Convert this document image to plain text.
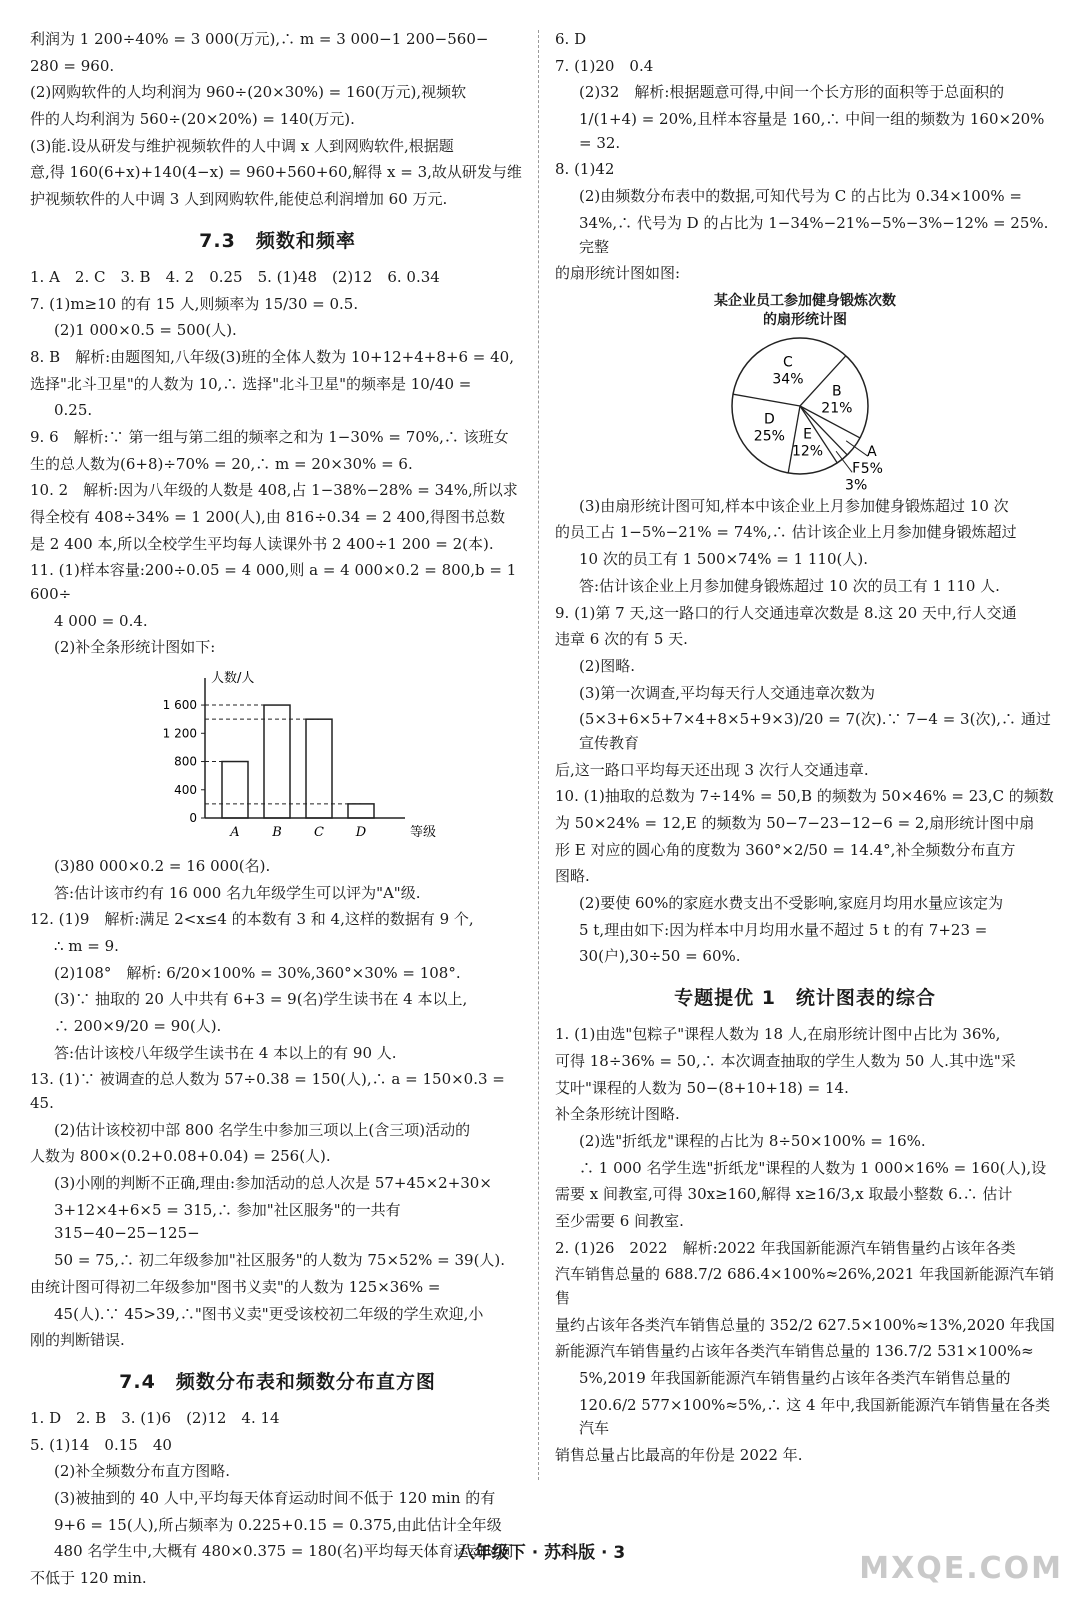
利润为 1 200÷40% = 3 000(万元),∴ m = 3 000−1 200−560−
280 = 960.
(2)网购软件的人均利润为 960÷(20×30%) = 160(万元),视频软
件的人均利润为 560÷(20×20%) = 140(万元).
(3)能.设从研发与维护视频软件的人中调 x 人到网购软件,根据题
意,得 160(6+x)+140(4−x) = 960+560+60,解得 x = 3,故从研发与维
护视频软件的人中调 3 人到网购软件,能使总利润增加 60 万元.
7.3　频数和频率
1. A　2. C　3. B　4. 2　0.25　5. (1)48　(2)12　6. 0.34
7. (1)m≥10 的有 15 人,则频率为 15/30 = 0.5.
(2)1 000×0.5 = 500(人).
8. B　解析:由题图知,八年级(3)班的全体人数为 10+12+4+8+6 = 40,
选择"北斗卫星"的人数为 10,∴ 选择"北斗卫星"的频率是 10/40 =
0.25.
9. 6　解析:∵ 第一组与第二组的频率之和为 1−30% = 70%,∴ 该班女
生的总人数为(6+8)÷70% = 20,∴ m = 20×30% = 6.
10. 2　解析:因为八年级的人数是 408,占 1−38%−28% = 34%,所以求
得全校有 408÷34% = 1 200(人),由 816÷0.34 = 2 400,得图书总数
是 2 400 本,所以全校学生平均每人读课外书 2 400÷1 200 = 2(本).
11. (1)样本容量:200÷0.05 = 4 000,则 a = 4 000×0.2 = 800,b = 1 600÷
4 000 = 0.4.
(2)补全条形统计图如下:
人数/人
等级
0
400
800
1 200
1 600
A	B C D
(3)80 000×0.2 = 16 000(名).
答:估计该市约有 16 000 名九年级学生可以评为"A"级.
12. (1)9　解析:满足 2<x≤4 的本数有 3 和 4,这样的数据有 9 个,
∴ m = 9.
(2)108°　解析: 6/20×100% = 30%,360°×30% = 108°.
(3)∵ 抽取的 20 人中共有 6+3 = 9(名)学生读书在 4 本以上,
∴ 200×9/20 = 90(人).
答:估计该校八年级学生读书在 4 本以上的有 90 人.
13. (1)∵ 被调查的总人数为 57÷0.38 = 150(人),∴ a = 150×0.3 = 45.
(2)估计该校初中部 800 名学生中参加三项以上(含三项)活动的
人数为 800×(0.2+0.08+0.04) = 256(人).
(3)小刚的判断不正确,理由:参加活动的总人次是 57+45×2+30×
3+12×4+6×5 = 315,∴ 参加"社区服务"的一共有 315−40−25−125−
50 = 75,∴ 初二年级参加"社区服务"的人数为 75×52% = 39(人).
由统计图可得初二年级参加"图书义卖"的人数为 125×36% =
45(人).∵ 45>39,∴"图书义卖"更受该校初二年级的学生欢迎,小
刚的判断错误.
7.4　频数分布表和频数分布直方图
1. D　2. B　3. (1)6　(2)12　4. 14
5. (1)14　0.15　40
(2)补全频数分布直方图略.
(3)被抽到的 40 人中,平均每天体育运动时间不低于 120 min 的有
9+6 = 15(人),所占频率为 0.225+0.15 = 0.375,由此估计全年级
480 名学生中,大概有 480×0.375 = 180(名)平均每天体育运动时间
不低于 120 min.
6. D
7. (1)20　0.4
(2)32　解析:根据题意可得,中间一个长方形的面积等于总面积的
1/(1+4) = 20%,且样本容量是 160,∴ 中间一组的频数为 160×20% = 32.
8. (1)42
(2)由频数分布表中的数据,可知代号为 C 的占比为 0.34×100% =
34%,∴ 代号为 D 的占比为 1−34%−21%−5%−3%−12% = 25%.完整
的扇形统计图如图:
某企业员工参加健身锻炼次数
的扇形统计图
C
34%
B
21%
A
5%
F
3%
E
12%
D
25%
(3)由扇形统计图可知,样本中该企业上月参加健身锻炼超过 10 次
的员工占 1−5%−21% = 74%,∴ 估计该企业上月参加健身锻炼超过
10 次的员工有 1 500×74% = 1 110(人).
答:估计该企业上月参加健身锻炼超过 10 次的员工有 1 110 人.
9. (1)第 7 天,这一路口的行人交通违章次数是 8.这 20 天中,行人交通
违章 6 次的有 5 天.
(2)图略.
(3)第一次调查,平均每天行人交通违章次数为
(5×3+6×5+7×4+8×5+9×3)/20 = 7(次).∵ 7−4 = 3(次),∴ 通过宣传教育
后,这一路口平均每天还出现 3 次行人交通违章.
10. (1)抽取的总数为 7÷14% = 50,B 的频数为 50×46% = 23,C 的频数
为 50×24% = 12,E 的频数为 50−7−23−12−6 = 2,扇形统计图中扇
形 E 对应的圆心角的度数为 360°×2/50 = 14.4°,补全频数分布直方
图略.
(2)要使 60%的家庭水费支出不受影响,家庭月均用水量应该定为
5 t,理由如下:因为样本中月均用水量不超过 5 t 的有 7+23 =
30(户),30÷50 = 60%.
专题提优 1　统计图表的综合
1. (1)由选"包粽子"课程人数为 18 人,在扇形统计图中占比为 36%,
可得 18÷36% = 50,∴ 本次调查抽取的学生人数为 50 人.其中选"采
艾叶"课程的人数为 50−(8+10+18) = 14.
补全条形统计图略.
(2)选"折纸龙"课程的占比为 8÷50×100% = 16%.
∴ 1 000 名学生选"折纸龙"课程的人数为 1 000×16% = 160(人),设
需要 x 间教室,可得 30x≥160,解得 x≥16/3,x 取最小整数 6.∴ 估计
至少需要 6 间教室.
2. (1)26　2022　解析:2022 年我国新能源汽车销售量约占该年各类
汽车销售总量的 688.7/2 686.4×100%≈26%,2021 年我国新能源汽车销售
量约占该年各类汽车销售总量的 352/2 627.5×100%≈13%,2020 年我国
新能源汽车销售量约占该年各类汽车销售总量的 136.7/2 531×100%≈
5%,2019 年我国新能源汽车销售量约占该年各类汽车销售总量的
120.6/2 577×100%≈5%,∴ 这 4 年中,我国新能源汽车销售量在各类汽车
销售总量占比最高的年份是 2022 年.
八年级下 · 苏科版 · 3	MXQE.COM
